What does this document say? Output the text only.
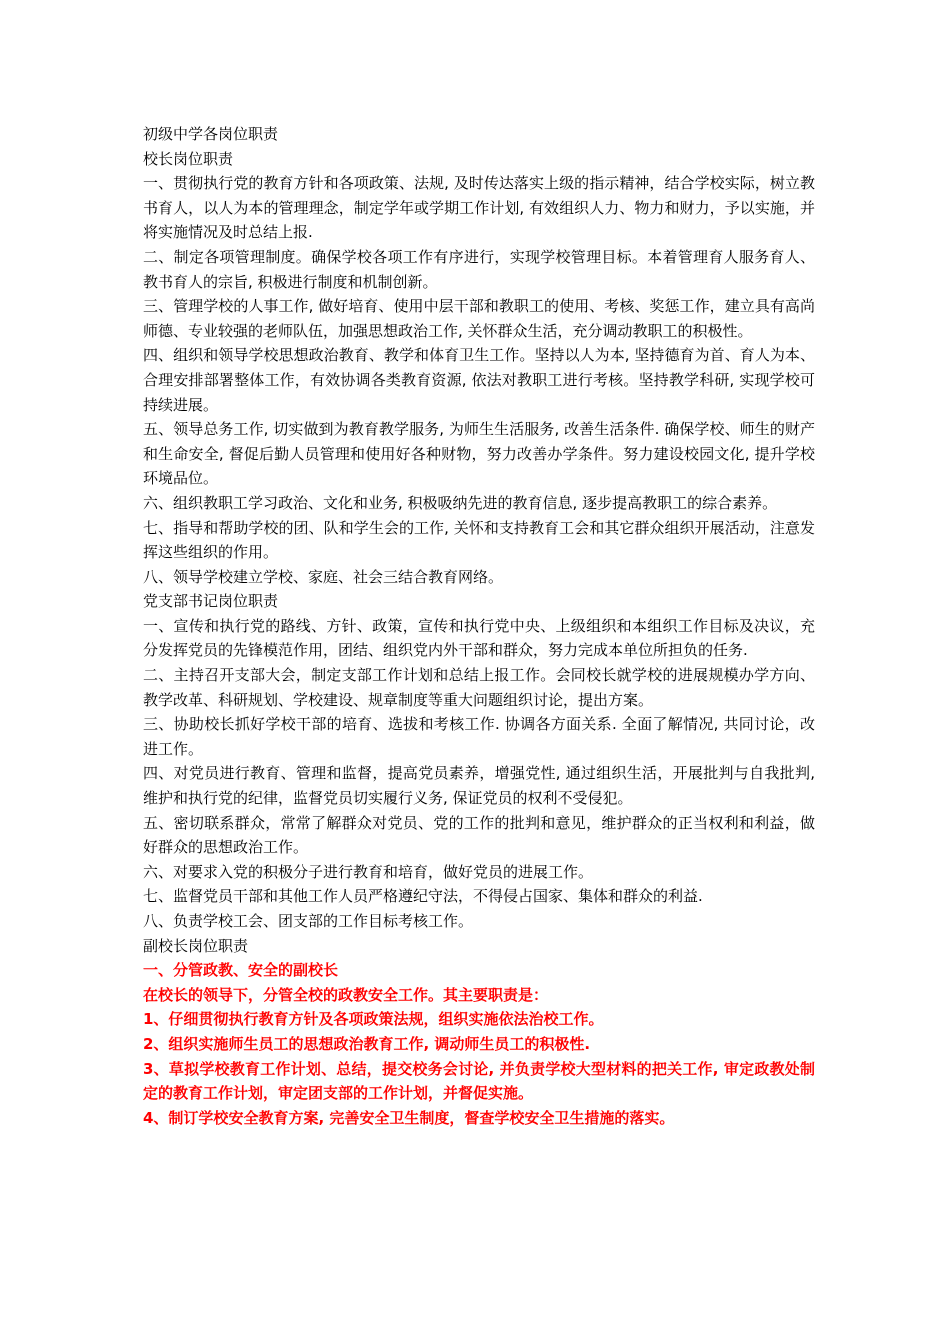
初级中学各岗位职责

校长岗位职责

一、贯彻执行党的教育方针和各项政策、法规, 及时传达落实上级的指示精神，结合学校实际，树立教书育人，以人为本的管理理念，制定学年或学期工作计划, 有效组织人力、物力和财力，予以实施，并将实施情况及时总结上报.

二、制定各项管理制度。确保学校各项工作有序进行，实现学校管理目标。本着管理育人服务育人、教书育人的宗旨, 积极进行制度和机制创新。

三、管理学校的人事工作, 做好培育、使用中层干部和教职工的使用、考核、奖惩工作，建立具有高尚师德、专业较强的老师队伍，加强思想政治工作, 关怀群众生活，充分调动教职工的积极性。

四、组织和领导学校思想政治教育、教学和体育卫生工作。坚持以人为本, 坚持德育为首、育人为本、合理安排部署整体工作，有效协调各类教育资源, 依法对教职工进行考核。坚持教学科研, 实现学校可持续进展。

五、领导总务工作, 切实做到为教育教学服务, 为师生生活服务, 改善生活条件. 确保学校、师生的财产和生命安全, 督促后勤人员管理和使用好各种财物，努力改善办学条件。努力建设校园文化, 提升学校环境品位。

六、组织教职工学习政治、文化和业务, 积极吸纳先进的教育信息, 逐步提高教职工的综合素养。

七、指导和帮助学校的团、队和学生会的工作, 关怀和支持教育工会和其它群众组织开展活动，注意发挥这些组织的作用。

八、领导学校建立学校、家庭、社会三结合教育网络。

党支部书记岗位职责

一、宣传和执行党的路线、方针、政策，宣传和执行党中央、上级组织和本组织工作目标及决议，充分发挥党员的先锋模范作用，团结、组织党内外干部和群众，努力完成本单位所担负的任务.

二、主持召开支部大会，制定支部工作计划和总结上报工作。会同校长就学校的进展规模办学方向、教学改革、科研规划、学校建设、规章制度等重大问题组织讨论，提出方案。

三、协助校长抓好学校干部的培育、选拔和考核工作. 协调各方面关系. 全面了解情况, 共同讨论，改进工作。

四、对党员进行教育、管理和监督，提高党员素养，增强党性, 通过组织生活，开展批判与自我批判, 维护和执行党的纪律，监督党员切实履行义务, 保证党员的权利不受侵犯。

五、密切联系群众，常常了解群众对党员、党的工作的批判和意见，维护群众的正当权利和利益，做好群众的思想政治工作。

六、对要求入党的积极分子进行教育和培育，做好党员的进展工作。

七、监督党员干部和其他工作人员严格遵纪守法，不得侵占国家、集体和群众的利益.

八、负责学校工会、团支部的工作目标考核工作。

副校长岗位职责

一、分管政教、安全的副校长

在校长的领导下，分管全校的政教安全工作。其主要职责是：

1、仔细贯彻执行教育方针及各项政策法规，组织实施依法治校工作。

2、组织实施师生员工的思想政治教育工作, 调动师生员工的积极性.

3、草拟学校教育工作计划、总结，提交校务会讨论, 并负责学校大型材料的把关工作, 审定政教处制定的教育工作计划，审定团支部的工作计划，并督促实施。

4、制订学校安全教育方案, 完善安全卫生制度，督查学校安全卫生措施的落实。
